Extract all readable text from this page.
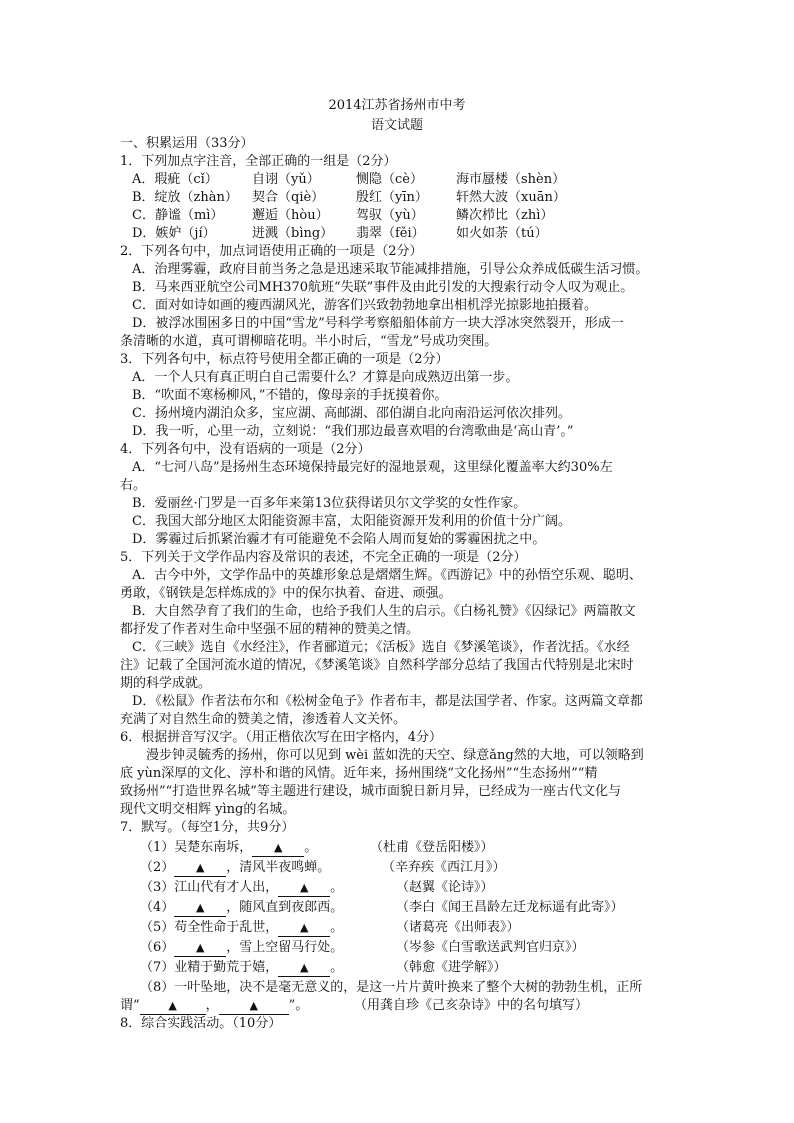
2014江苏省扬州市中考
语文试题
一、积累运用（33分）
1．下列加点字注音，全部正确的一组是（2分）
A．瑕疵（cǐ）	自诩（yǔ）	恻隐（cè）	海市蜃楼（shèn）
B．绽放（zhàn） 契合（qiè） 殷红（yīn） 轩然大波（xuān）
C．静谧（mì） 邂逅（hòu） 驾驭（yù） 鳞次栉比（zhì）
D．嫉妒（jí）	迸溅（bìng） 翡翠（fěi） 如火如荼（tú）
2．下列各句中，加点词语使用正确的一项是（2分）
A．治理雾霾，政府目前当务之急是迅速采取节能减排措施，引导公众养成低碳生活习惯。
B．马来西亚航空公司MH370航班“失联”事件及由此引发的大搜索行动令人叹为观止。
C．面对如诗如画的瘦西湖风光，游客们兴致勃勃地拿出相机浮光掠影地拍摄着。
D．被浮冰围困多日的中国“雪龙”号科学考察船船体前方一块大浮冰突然裂开，形成一
条清晰的水道，真可谓柳暗花明。半小时后，“雪龙”号成功突围。
3．下列各句中，标点符号使用全都正确的一项是（2分）
A．一个人只有真正明白自己需要什么？才算是向成熟迈出第一步。
B．“吹面不寒杨柳风，”不错的，像母亲的手抚摸着你。
C．扬州境内湖泊众多，宝应湖、高邮湖、邵伯湖自北向南沿运河依次排列。
D．我一听，心里一动，立刻说：“我们那边最喜欢唱的台湾歌曲是‘高山青’。”
4．下列各句中，没有语病的一项是（2分）
A．“七河八岛”是扬州生态环境保持最完好的湿地景观，这里绿化覆盖率大约30%左
右。
B．爱丽丝·门罗是一百多年来第13位获得诺贝尔文学奖的女性作家。
C．我国大部分地区太阳能资源丰富，太阳能资源开发利用的价值十分广阔。
D．雾霾过后抓紧治霾才有可能避免不会陷人周而复始的雾霾困扰之中。
5．下列关于文学作品内容及常识的表述，不完全正确的一项是（2分）
A．古今中外，文学作品中的英雄形象总是熠熠生辉。《西游记》中的孙悟空乐观、聪明、
勇敢，《钢铁是怎样炼成的》中的保尔执着、奋进、顽强。
B．大自然孕育了我们的生命，也给予我们人生的启示。《白杨礼赞》《囚绿记》两篇散文
都抒发了作者对生命中坚强不屈的精神的赞美之情。
C．《三峡》选自《水经注》，作者郦道元；《活板》选自《梦溪笔谈》，作者沈括。《水经
注》记载了全国河流水道的情况，《梦溪笔谈》自然科学部分总结了我国古代特别是北宋时
期的科学成就。
D．《松鼠》作者法布尔和《松树金龟子》作者布丰，都是法国学者、作家。这两篇文章都
充满了对自然生命的赞美之情，渗透着人文关怀。
6．根据拼音写汉字。（用正楷依次写在田字格内，4分）
漫步钟灵毓秀的扬州，你可以见到 wèi 蓝如洗的天空、绿意ǎng然的大地，可以领略到
底 yùn深厚的文化、淳朴和谐的风情。近年来，扬州围绕“文化扬州”“生态扬州”“精
致扬州”“打造世界名城”等主题进行建设，城市面貌日新月异，已经成为一座古代文化与
现代文明交相辉 yìng的名城。
7．默写。（每空1分，共9分）
（1）吴楚东南坼， ▲ 。	（杜甫《登岳阳楼》）
（2） ▲ ，清风半夜鸣蝉。	（辛弃疾《西江月》）
（3）江山代有才人出， ▲ 。	（赵翼《论诗》）
（4） ▲ ，随风直到夜郎西。	（李白《闻王昌龄左迁龙标遥有此寄》）
（5）苟全性命于乱世， ▲ 。	（诸葛亮《出师表》）
（6） ▲ ，雪上空留马行处。	（岑参《白雪歌送武判官归京》）
（7）业精于勤荒于嬉， ▲ 。	（韩愈《进学解》）
（8）一叶坠地，决不是毫无意义的，是这一片片黄叶换来了整个大树的勃勃生机，正所
谓“	▲ ，	▲ ”。	（用龚自珍《己亥杂诗》中的名句填写）
8．综合实践活动。（10分）
